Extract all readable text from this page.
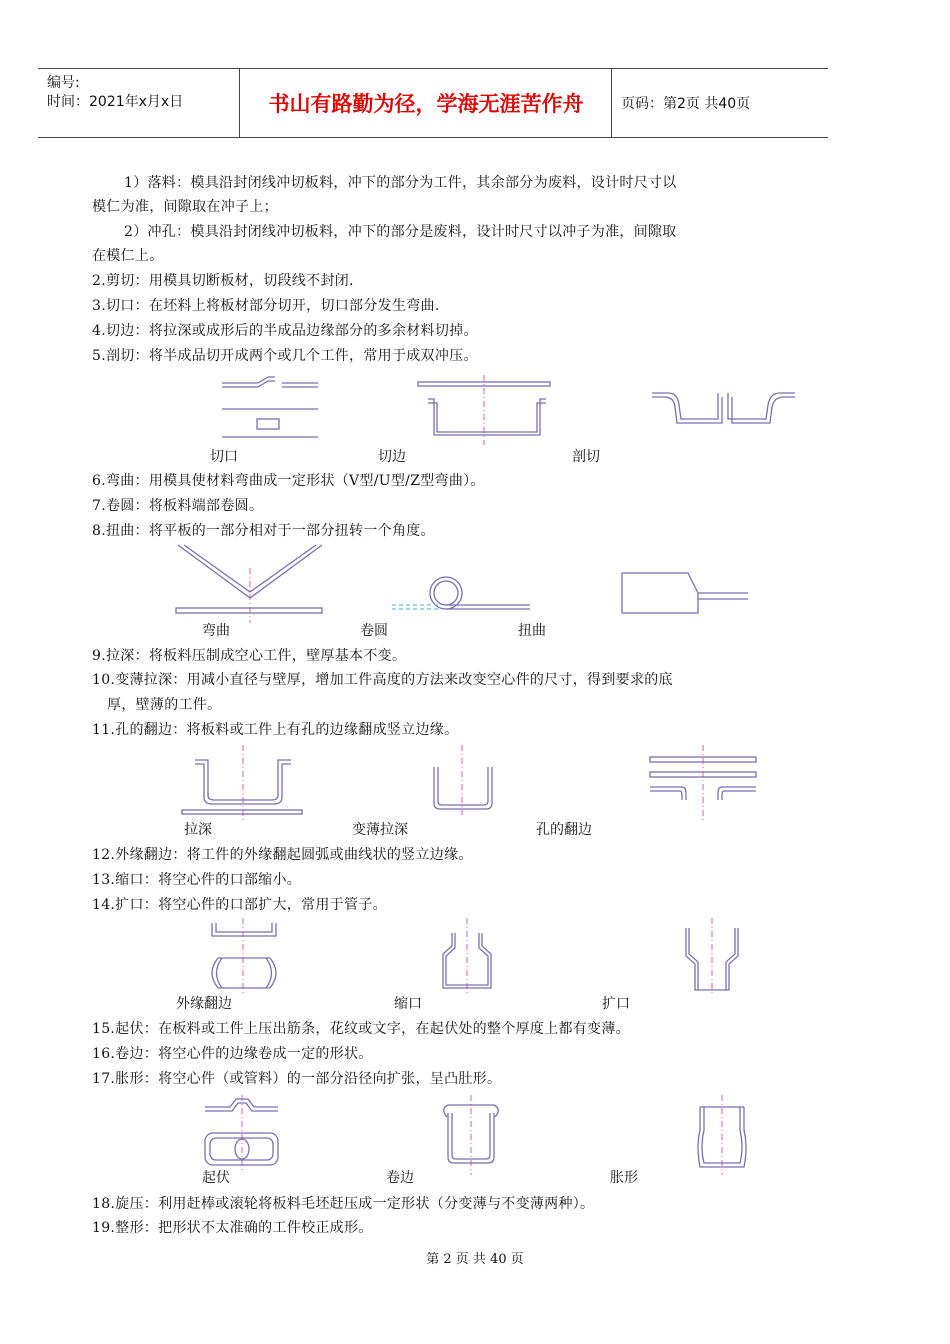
编号:
时间：2021年x月x日	书山有路勤为径，学海无涯苦作舟	页码：第2页 共40页
1）落料：模具沿封闭线冲切板料，冲下的部分为工件，其余部分为废料，设计时尺寸以
模仁为准，间隙取在冲子上；
2）冲孔：模具沿封闭线冲切板料，冲下的部分是废料，设计时尺寸以冲子为准，间隙取
在模仁上。
2.剪切：用模具切断板材，切段线不封闭.
3.切口：在坯料上将板材部分切开，切口部分发生弯曲.
4.切边：将拉深或成形后的半成品边缘部分的多余材料切掉。
5.剖切：将半成品切开成两个或几个工件，常用于成双冲压。
切口	切边	剖切
6.弯曲：用模具使材料弯曲成一定形状（V型/U型/Z型弯曲）。
7.卷圆：将板料端部卷圆。
8.扭曲：将平板的一部分相对于一部分扭转一个角度。
弯曲	卷圆	扭曲
9.拉深：将板料压制成空心工件，壁厚基本不变。
10.变薄拉深：用减小直径与壁厚，增加工件高度的方法来改变空心件的尺寸，得到要求的底
厚，壁薄的工件。
11.孔的翻边：将板料或工件上有孔的边缘翻成竖立边缘。
拉深	变薄拉深	孔的翻边
12.外缘翻边：将工件的外缘翻起圆弧或曲线状的竖立边缘。
13.缩口：将空心件的口部缩小。
14.扩口：将空心件的口部扩大，常用于管子。
外缘翻边	缩口	扩口
15.起伏：在板料或工件上压出筋条，花纹或文字，在起伏处的整个厚度上都有变薄。
16.卷边：将空心件的边缘卷成一定的形状。
17.胀形：将空心件（或管料）的一部分沿径向扩张，呈凸肚形。
起伏	卷边	胀形
18.旋压：利用赶棒或滚轮将板料毛坯赶压成一定形状（分变薄与不变薄两种）。
19.整形：把形状不太准确的工件校正成形。
第 2 页 共 40 页
